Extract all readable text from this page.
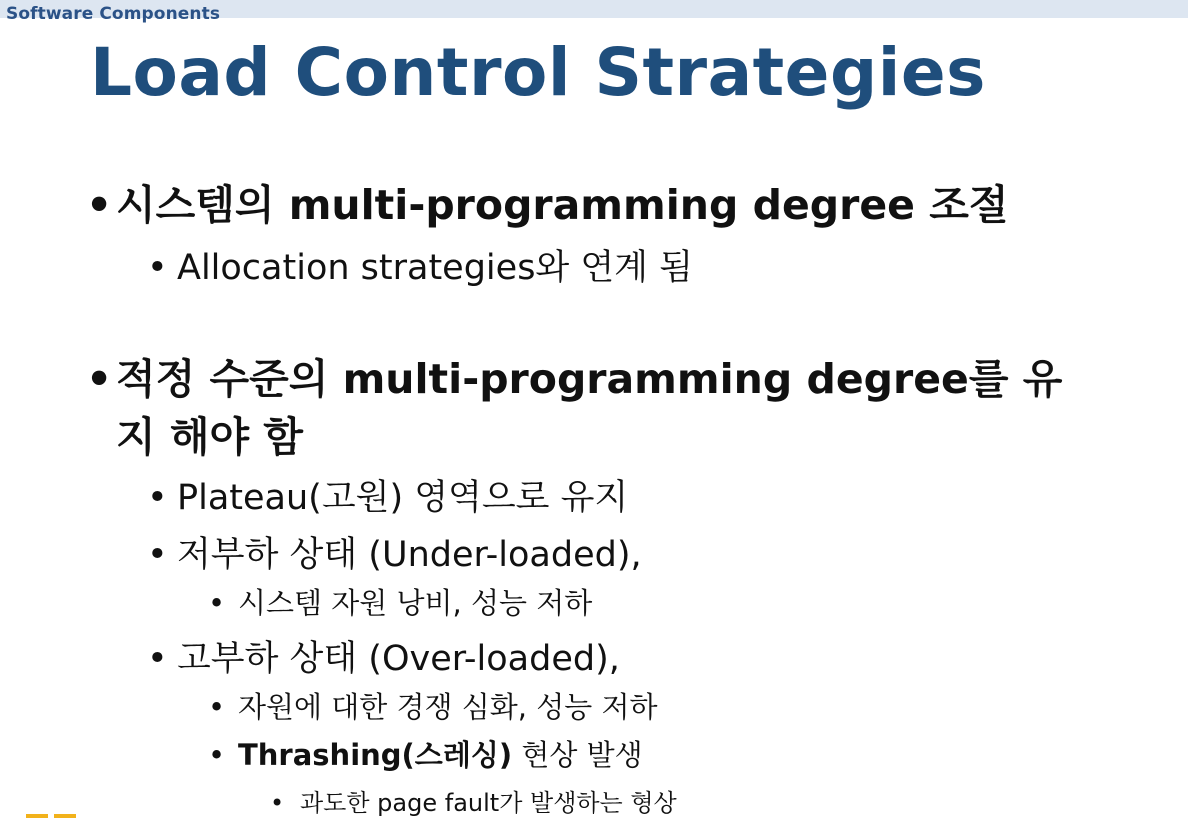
Software Components
Load Control Strategies
•시스템의 multi-programming degree 조절
• Allocation strategies와 연계 됨
•적정 수준의 multi-programming degree를 유
지 해야 함
• Plateau(고원) 영역으로 유지
• 저부하 상태 (Under-loaded),
• 시스템 자원 낭비, 성능 저하
• 고부하 상태 (Over-loaded),
• 자원에 대한 경쟁 심화, 성능 저하
• Thrashing(스레싱) 현상 발생
• 과도한 page fault가 발생하는 형상
